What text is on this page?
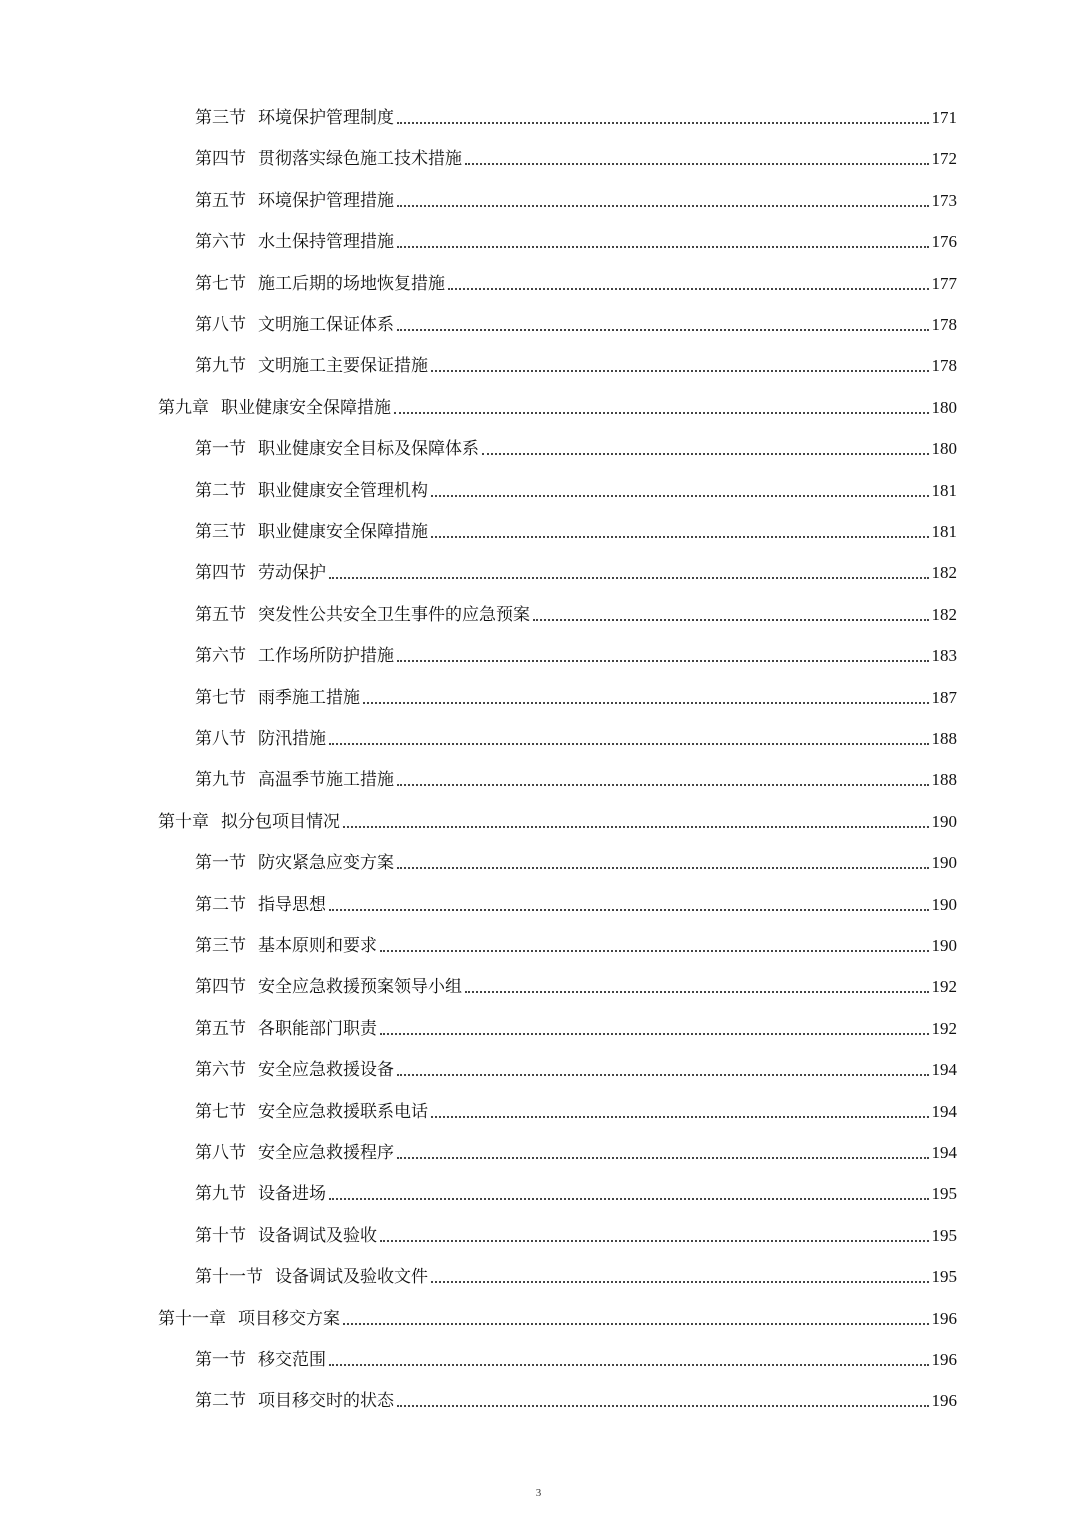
第三节 环境保护管理制度	171
第四节 贯彻落实绿色施工技术措施	172
第五节 环境保护管理措施	173
第六节 水土保持管理措施	176
第七节 施工后期的场地恢复措施	177
第八节 文明施工保证体系	178
第九节 文明施工主要保证措施	178
第九章 职业健康安全保障措施	180
第一节 职业健康安全目标及保障体系	180
第二节 职业健康安全管理机构	181
第三节 职业健康安全保障措施	181
第四节 劳动保护	182
第五节 突发性公共安全卫生事件的应急预案	182
第六节 工作场所防护措施	183
第七节 雨季施工措施	187
第八节 防汛措施	188
第九节 高温季节施工措施	188
第十章 拟分包项目情况	190
第一节 防灾紧急应变方案	190
第二节 指导思想	190
第三节 基本原则和要求	190
第四节 安全应急救援预案领导小组	192
第五节 各职能部门职责	192
第六节 安全应急救援设备	194
第七节 安全应急救援联系电话	194
第八节 安全应急救援程序	194
第九节 设备进场	195
第十节 设备调试及验收	195
第十一节 设备调试及验收文件	195
第十一章 项目移交方案	196
第一节 移交范围	196
第二节 项目移交时的状态	196
3
